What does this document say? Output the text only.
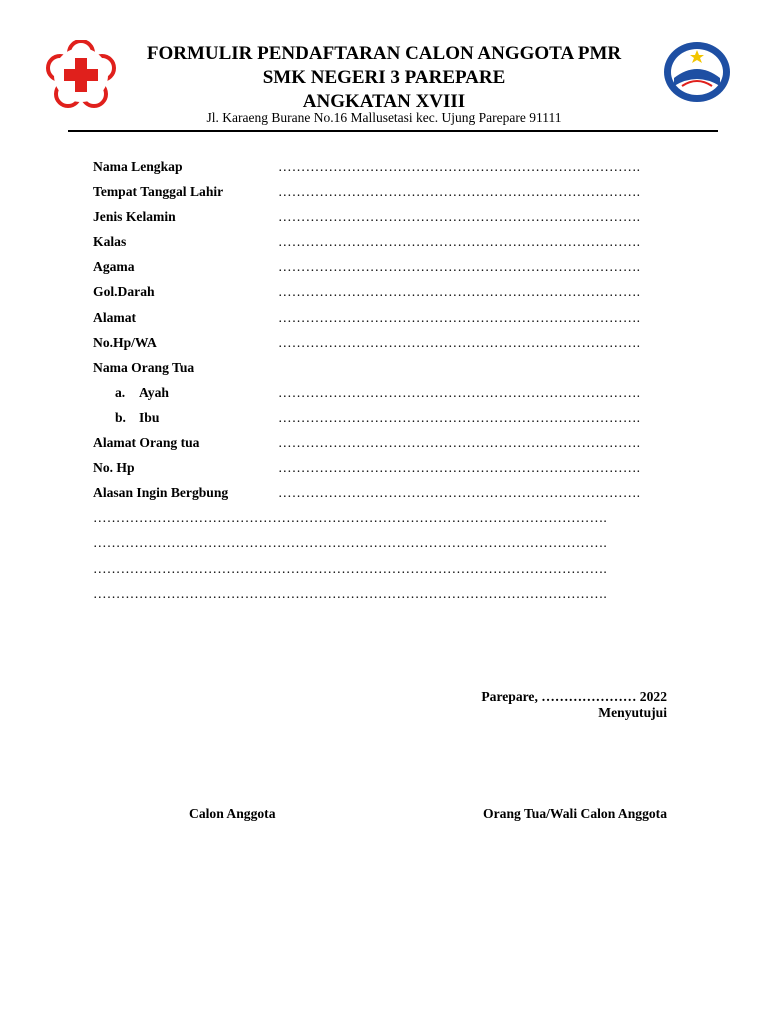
FORMULIR PENDAFTARAN CALON ANGGOTA PMR
SMK NEGERI 3 PAREPARE
ANGKATAN XVIII
Jl. Karaeng Burane No.16 Mallusetasi kec. Ujung Parepare 91111
Nama Lengkap	…………………………………………………………………….
Tempat Tanggal Lahir	…………………………………………………………………….
Jenis Kelamin	…………………………………………………………………….
Kalas	…………………………………………………………………….
Agama	…………………………………………………………………….
Gol.Darah	…………………………………………………………………….
Alamat	…………………………………………………………………….
No.Hp/WA	…………………………………………………………………….
Nama Orang Tua
a. Ayah	…………………………………………………………………….
b. Ibu	…………………………………………………………………….
Alamat Orang tua	…………………………………………………………………….
No. Hp	…………………………………………………………………….
Alasan Ingin Bergbung	…………………………………………………………………….
………………………………………………………………………………………………….
………………………………………………………………………………………………….
………………………………………………………………………………………………….
………………………………………………………………………………………………….
Parepare, ………………… 2022
Menyutujui
Calon Anggota	Orang Tua/Wali Calon Anggota
